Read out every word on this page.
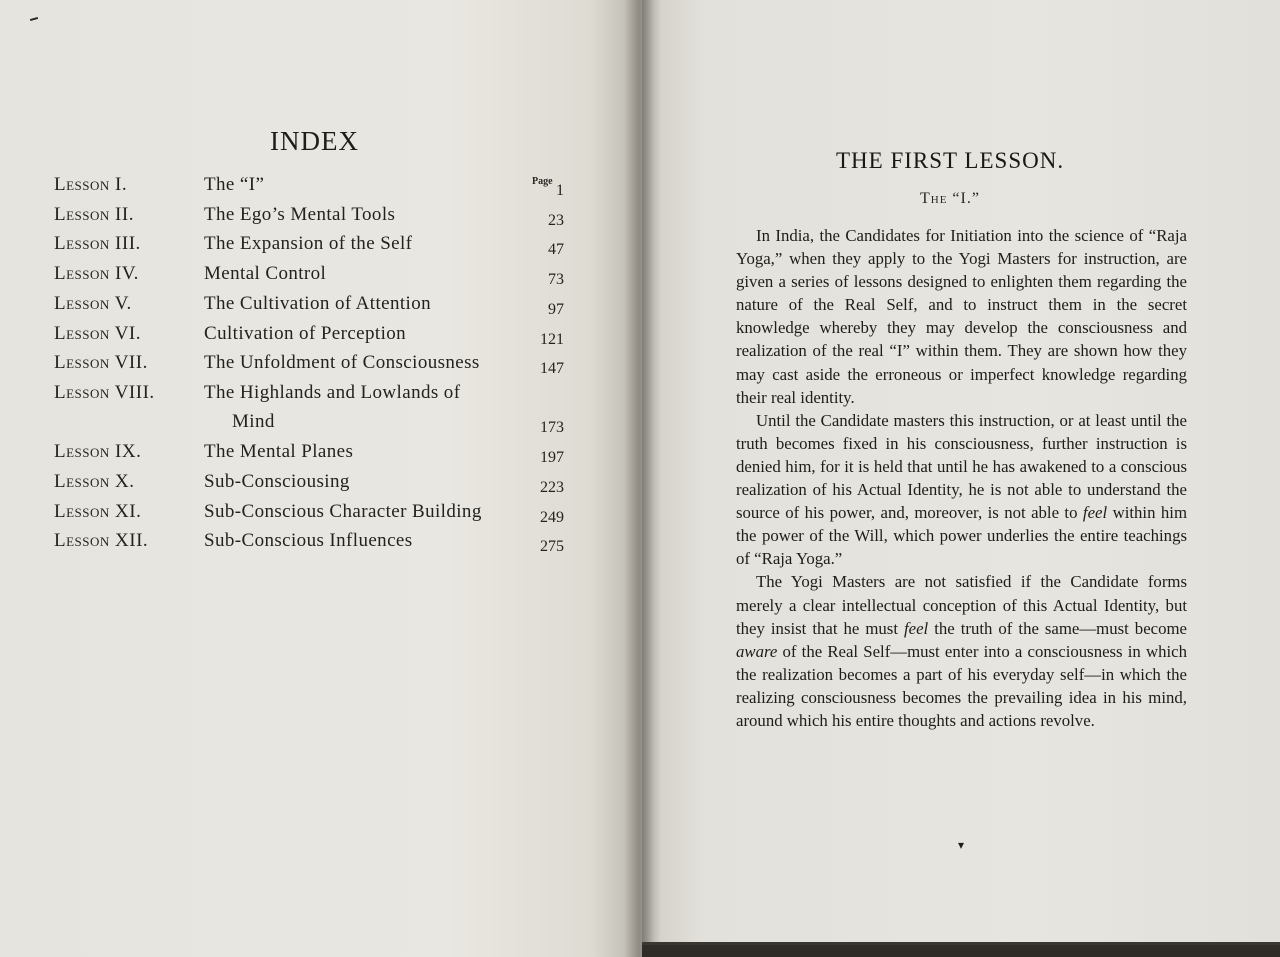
INDEX
Page
Lesson I.	The “I”	1
Lesson II.	The Ego’s Mental Tools	23
Lesson III.	The Expansion of the Self	47
Lesson IV.	Mental Control	73
Lesson V.	The Cultivation of Attention	97
Lesson VI.	Cultivation of Perception	121
Lesson VII.	The Unfoldment of Consciousness	147
Lesson VIII.	The Highlands and Lowlands of
Mind	173
Lesson IX.	The Mental Planes	197
Lesson X.	Sub-Consciousing	223
Lesson XI.	Sub-Conscious Character Building	249
Lesson XII.	Sub-Conscious Influences	275
THE FIRST LESSON.
The “I.”

In India, the Candidates for Initiation into the science of “Raja Yoga,” when they apply to the Yogi Masters for instruction, are given a series of lessons designed to enlighten them regarding the nature of the Real Self, and to instruct them in the secret knowledge whereby they may develop the consciousness and realization of the real “I” within them. They are shown how they may cast aside the erroneous or imperfect knowledge regarding their real identity.

Until the Candidate masters this instruction, or at least until the truth becomes fixed in his consciousness, further instruction is denied him, for it is held that until he has awakened to a conscious realization of his Actual Identity, he is not able to understand the source of his power, and, moreover, is not able to feel within him the power of the Will, which power underlies the entire teachings of “Raja Yoga.”

The Yogi Masters are not satisfied if the Candidate forms merely a clear intellectual conception of this Actual Identity, but they insist that he must feel the truth of the same—must become aware of the Real Self—must enter into a consciousness in which the realization becomes a part of his everyday self—in which the realizing consciousness becomes the prevailing idea in his mind, around which his entire thoughts and actions revolve.

▾
